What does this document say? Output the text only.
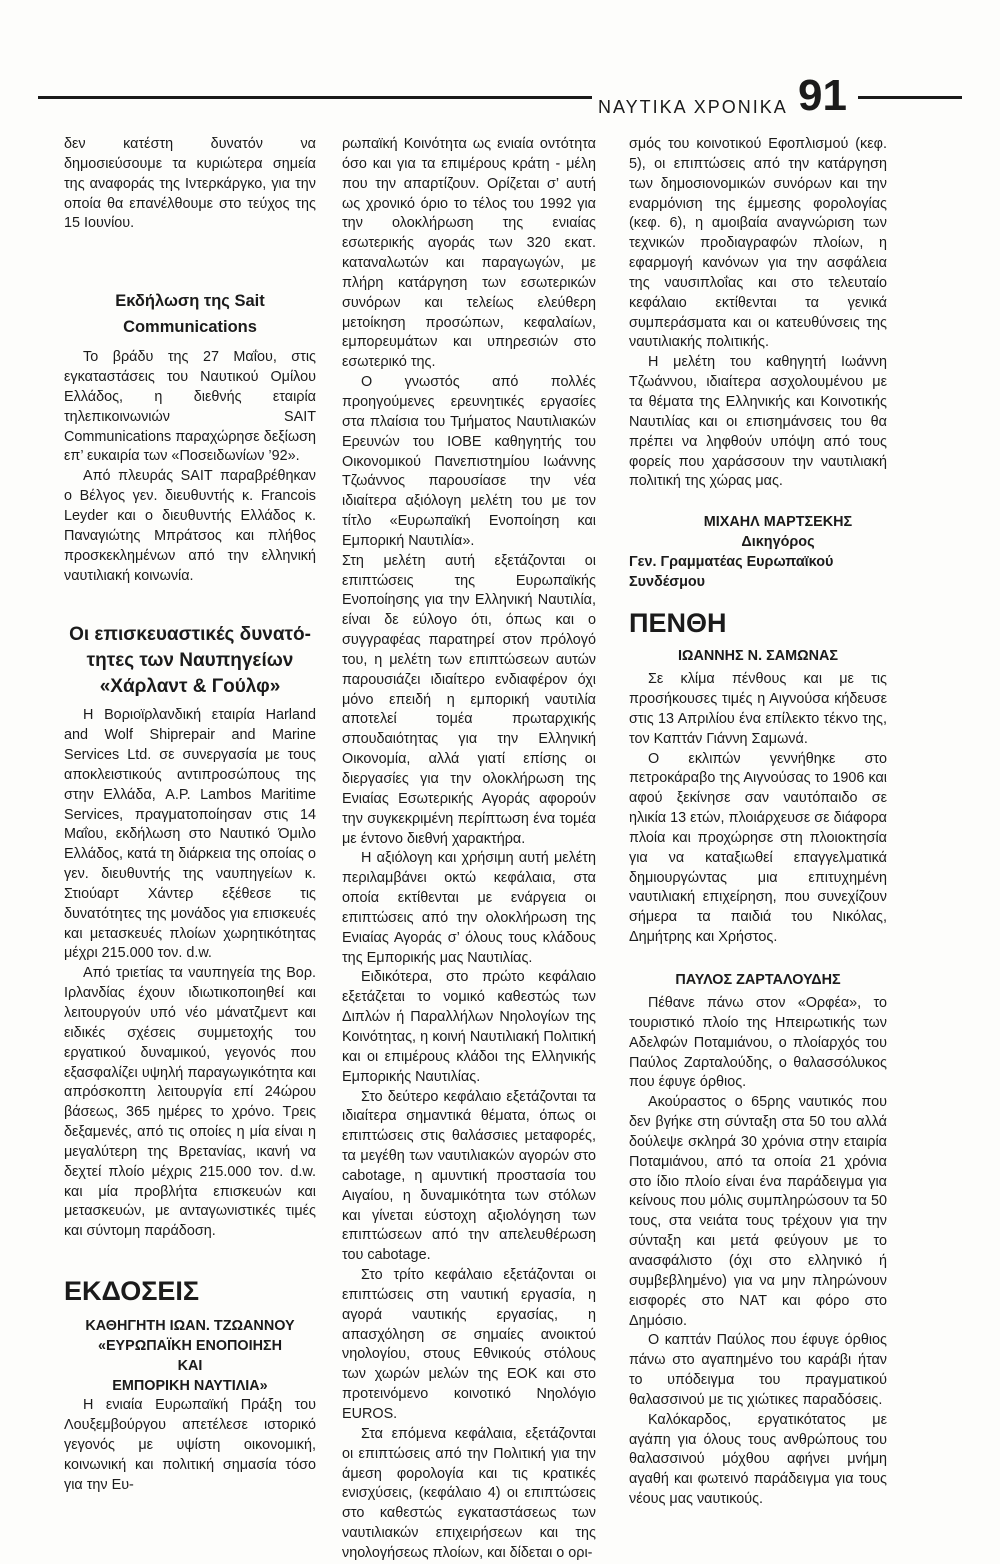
ΝΑΥΤΙΚΑ ΧΡΟΝΙΚΑ 91

δεν κατέστη δυνατόν να δημοσιεύσουμε τα κυριώτερα σημεία της αναφοράς της Ιντερκάργκο, για την οποία θα επανέλθουμε στο τεύχος της 15 Ιουνίου.

Εκδήλωση της Sait
Communications

Το βράδυ της 27 Μαΐου, στις εγκαταστάσεις του Ναυτικού Ομίλου Ελλάδος, η διεθνής εταιρία τηλεπικοινωνιών SAIT Communications παραχώρησε δεξίωση επ’ ευκαιρία των «Ποσειδωνίων ’92».

Από πλευράς SAIT παραβρέθηκαν ο Βέλγος γεν. διευθυντής κ. Francois Leyder και ο διευθυντής Ελλάδος κ. Παναγιώτης Μπράτσος και πλήθος προσκεκλημένων από την ελληνική ναυτιλιακή κοινωνία.

Οι επισκευαστικές δυνατό-
τητες των Ναυπηγείων
«Χάρλαντ & Γούλφ»

Η Βοριοϊρλανδική εταιρία Harland and Wolf Shiprepair and Marine Services Ltd. σε συνεργασία με τους αποκλειστικούς αντιπροσώπους της στην Ελλάδα, A.P. Lambos Maritime Services, πραγματοποίησαν στις 14 Μαΐου, εκδήλωση στο Ναυτικό Όμιλο Ελλάδος, κατά τη διάρκεια της οποίας ο γεν. διευθυντής της ναυπηγείων κ. Στιούαρτ Χάντερ εξέθεσε τις δυνατότητες της μονάδος για επισκευές και μετασκευές πλοίων χωρητικότητας μέχρι 215.000 τον. d.w.

Από τριετίας τα ναυπηγεία της Βορ. Ιρλανδίας έχουν ιδιωτικοποιηθεί και λειτουργούν υπό νέο μάνατζμεντ και ειδικές σχέσεις συμμετοχής του εργατικού δυναμικού, γεγονός που εξασφαλίζει υψηλή παραγωγικότητα και απρόσκοπτη λειτουργία επί 24ώρου βάσεως, 365 ημέρες το χρόνο. Τρεις δεξαμενές, από τις οποίες η μία είναι η μεγαλύτερη της Βρετανίας, ικανή να δεχτεί πλοίο μέχρις 215.000 τον. d.w. και μία προβλήτα επισκευών και μετασκευών, με ανταγωνιστικές τιμές και σύντομη παράδοση.

ΕΚΔΟΣΕΙΣ
ΚΑΘΗΓΗΤΗ ΙΩΑΝ. ΤΖΩΑΝΝΟΥ
«ΕΥΡΩΠΑΪΚΗ ΕΝΟΠΟΙΗΣΗ
ΚΑΙ
ΕΜΠΟΡΙΚΗ ΝΑΥΤΙΛΙΑ»

Η ενιαία Ευρωπαϊκή Πράξη του Λουξεμβούργου απετέλεσε ιστορικό γεγονός με υψίστη οικονομική, κοινωνική και πολιτική σημασία τόσο για την Ευ-

ρωπαϊκή Κοινότητα ως ενιαία οντότητα όσο και για τα επιμέρους κράτη - μέλη που την απαρτίζουν. Ορίζεται σ’ αυτή ως χρονικό όριο το τέλος του 1992 για την ολοκλήρωση της ενιαίας εσωτερικής αγοράς των 320 εκατ. καταναλωτών και παραγωγών, με πλήρη κατάργηση των εσωτερικών συνόρων και τελείως ελεύθερη μετοίκηση προσώπων, κεφαλαίων, εμπορευμάτων και υπηρεσιών στο εσωτερικό της.

Ο γνωστός από πολλές προηγούμενες ερευνητικές εργασίες στα πλαίσια του Τμήματος Ναυτιλιακών Ερευνών του ΙΟΒΕ καθηγητής του Οικονομικού Πανεπιστημίου Ιωάννης Τζωάννος παρουσίασε την νέα ιδιαίτερα αξιόλογη μελέτη του με τον τίτλο «Ευρωπαϊκή Ενοποίηση και Εμπορική Ναυτιλία».

Στη μελέτη αυτή εξετάζονται οι επιπτώσεις της Ευρωπαϊκής Ενοποίησης για την Ελληνική Ναυτιλία, είναι δε εύλογο ότι, όπως και ο συγγραφέας παρατηρεί στον πρόλογό του, η μελέτη των επιπτώσεων αυτών παρουσιάζει ιδιαίτερο ενδιαφέρον όχι μόνο επειδή η εμπορική ναυτιλία αποτελεί τομέα πρωταρχικής σπουδαιότητας για την Ελληνική Οικονομία, αλλά γιατί επίσης οι διεργασίες για την ολοκλήρωση της Ενιαίας Εσωτερικής Αγοράς αφορούν την συγκεκριμένη περίπτωση ένα τομέα με έντονο διεθνή χαρακτήρα.

Η αξιόλογη και χρήσιμη αυτή μελέτη περιλαμβάνει οκτώ κεφάλαια, στα οποία εκτίθενται με ενάργεια οι επιπτώσεις από την ολοκλήρωση της Ενιαίας Αγοράς σ’ όλους τους κλάδους της Εμπορικής μας Ναυτιλίας.

Ειδικότερα, στο πρώτο κεφάλαιο εξετάζεται το νομικό καθεστώς των Διπλών ή Παραλλήλων Νηολογίων της Κοινότητας, η κοινή Ναυτιλιακή Πολιτική και οι επιμέρους κλάδοι της Ελληνικής Εμπορικής Ναυτιλίας.

Στο δεύτερο κεφάλαιο εξετάζονται τα ιδιαίτερα σημαντικά θέματα, όπως οι επιπτώσεις στις θαλάσσιες μεταφορές, τα μεγέθη των ναυτιλιακών αγορών στο cabotage, η αμυντική προστασία του Αιγαίου, η δυναμικότητα των στόλων και γίνεται εύστοχη αξιολόγηση των επιπτώσεων από την απελευθέρωση του cabotage.

Στο τρίτο κεφάλαιο εξετάζονται οι επιπτώσεις στη ναυτική εργασία, η αγορά ναυτικής εργασίας, η απασχόληση σε σημαίες ανοικτού νηολογίου, στους Εθνικούς στόλους των χωρών μελών της ΕΟΚ και στο προτεινόμενο κοινοτικό Νηολόγιο EUROS.

Στα επόμενα κεφάλαια, εξετάζονται οι επιπτώσεις από την Πολιτική για την άμεση φορολογία και τις κρατικές ενισχύσεις, (κεφάλαιο 4) οι επιπτώσεις στο καθεστώς εγκαταστάσεως των ναυτιλιακών επιχειρήσεων και της νηολογήσεως πλοίων, και δίδεται ο ορι-

σμός του κοινοτικού Εφοπλισμού (κεφ. 5), οι επιπτώσεις από την κατάργηση των δημοσιονομικών συνόρων και την εναρμόνιση της έμμεσης φορολογίας (κεφ. 6), η αμοιβαία αναγνώριση των τεχνικών προδιαγραφών πλοίων, η εφαρμογή κανόνων για την ασφάλεια της ναυσιπλοΐας και στο τελευταίο κεφάλαιο εκτίθενται τα γενικά συμπεράσματα και οι κατευθύνσεις της ναυτιλιακής πολιτικής.

Η μελέτη του καθηγητή Ιωάννη Τζωάννου, ιδιαίτερα ασχολουμένου με τα θέματα της Ελληνικής και Κοινοτικής Ναυτιλίας και οι επισημάνσεις του θα πρέπει να ληφθούν υπόψη από τους φορείς που χαράσσουν την ναυτιλιακή πολιτική της χώρας μας.

ΜΙΧΑΗΛ ΜΑΡΤΣΕΚΗΣ
Δικηγόρος
Γεν. Γραμματέας Ευρωπαϊκού
Συνδέσμου
ΠΕΝΘΗ
ΙΩΑΝΝΗΣ Ν. ΣΑΜΩΝΑΣ

Σε κλίμα πένθους και με τις προσήκουσες τιμές η Αιγνούσα κήδευσε στις 13 Απριλίου ένα επίλεκτο τέκνο της, τον Καπτάν Γιάννη Σαμωνά.

Ο εκλιπών γεννήθηκε στο πετροκάραβο της Αιγνούσας το 1906 και αφού ξεκίνησε σαν ναυτόπαιδο σε ηλικία 13 ετών, πλοιάρχευσε σε διάφορα πλοία και προχώρησε στη πλοιοκτησία για να καταξιωθεί επαγγελματικά δημιουργώντας μια επιτυχημένη ναυτιλιακή επιχείρηση, που συνεχίζουν σήμερα τα παιδιά του Νικόλας, Δημήτρης και Χρήστος.

ΠΑΥΛΟΣ ΖΑΡΤΑΛΟΥΔΗΣ

Πέθανε πάνω στον «Ορφέα», το τουριστικό πλοίο της Ηπειρωτικής των Αδελφών Ποταμιάνου, ο πλοίαρχός του Παύλος Ζαρταλούδης, ο θαλασσόλυκος που έφυγε όρθιος.

Ακούραστος ο 65ρης ναυτικός που δεν βγήκε στη σύνταξη στα 50 του αλλά δούλεψε σκληρά 30 χρόνια στην εταιρία Ποταμιάνου, από τα οποία 21 χρόνια στο ίδιο πλοίο είναι ένα παράδειγμα για κείνους που μόλις συμπληρώσουν τα 50 τους, στα νειάτα τους τρέχουν για την σύνταξη και μετά φεύγουν με το ανασφάλιστο (όχι στο ελληνικό ή συμβεβλημένο) για να μην πληρώνουν εισφορές στο ΝΑΤ και φόρο στο Δημόσιο.

Ο καπτάν Παύλος που έφυγε όρθιος πάνω στο αγαπημένο του καράβι ήταν το υπόδειγμα του πραγματικού θαλασσινού με τις χιώτικες παραδόσεις.

Καλόκαρδος, εργατικότατος με αγάπη για όλους τους ανθρώπους του θαλασσινού μόχθου αφήνει μνήμη αγαθή και φωτεινό παράδειγμα για τους νέους μας ναυτικούς.
